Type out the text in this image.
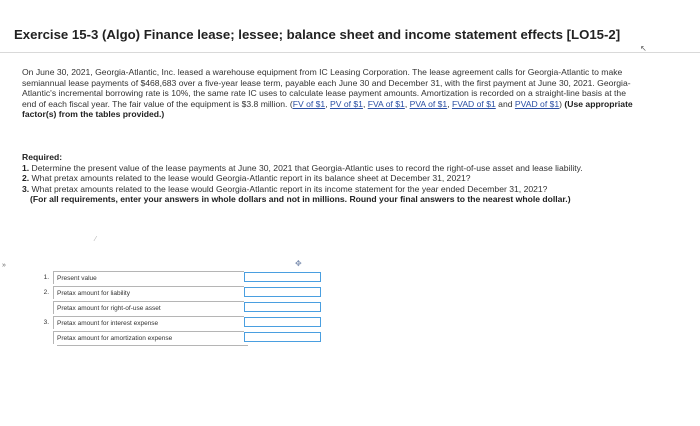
Exercise 15-3 (Algo) Finance lease; lessee; balance sheet and income statement effects [LO15-2]
↖
»
On June 30, 2021, Georgia-Atlantic, Inc. leased a warehouse equipment from IC Leasing Corporation. The lease agreement calls for Georgia-Atlantic to make semiannual lease payments of $468,683 over a five-year lease term, payable each June 30 and December 31, with the first payment at June 30, 2021. Georgia-Atlantic's incremental borrowing rate is 10%, the same rate IC uses to calculate lease payment amounts. Amortization is recorded on a straight-line basis at the end of each fiscal year. The fair value of the equipment is $3.8 million. (FV of $1, PV of $1, FVA of $1, PVA of $1, FVAD of $1 and PVAD of $1) (Use appropriate factor(s) from the tables provided.)
Required:
1. Determine the present value of the lease payments at June 30, 2021 that Georgia-Atlantic uses to record the right-of-use asset and lease liability.
2. What pretax amounts related to the lease would Georgia-Atlantic report in its balance sheet at December 31, 2021?
3. What pretax amounts related to the lease would Georgia-Atlantic report in its income statement for the year ended December 31, 2021?
(For all requirements, enter your answers in whole dollars and not in millions. Round your final answers to the nearest whole dollar.)
⁄
✥
1.	Present value
2.	Pretax amount for liability
Pretax amount for right-of-use asset
3.	Pretax amount for interest expense
Pretax amount for amortization expense
